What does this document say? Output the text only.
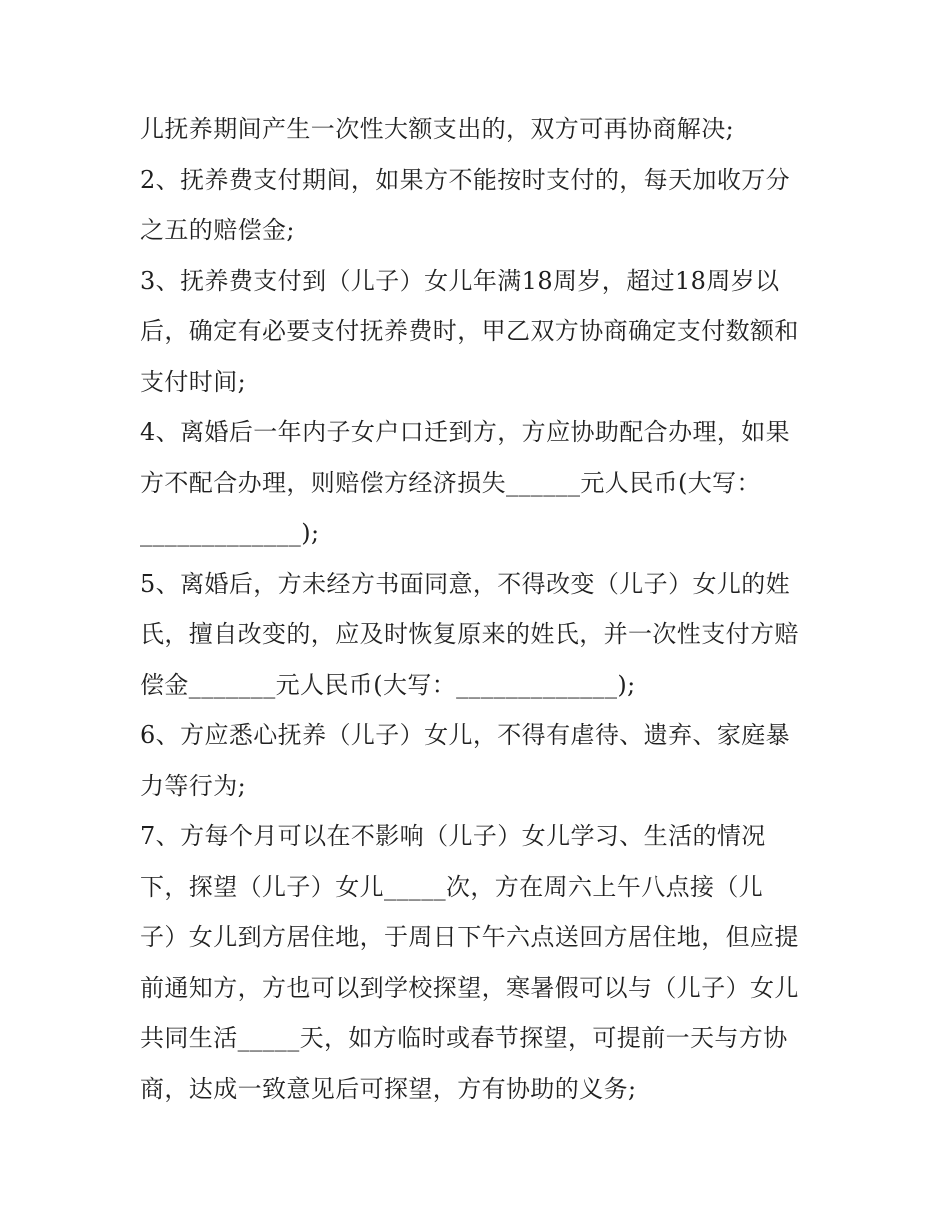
儿抚养期间产生一次性大额支出的，双方可再协商解决;
2、抚养费支付期间，如果方不能按时支付的，每天加收万分
之五的赔偿金;
3、抚养费支付到（儿子）女儿年满18周岁，超过18周岁以
后，确定有必要支付抚养费时，甲乙双方协商确定支付数额和
支付时间;
4、离婚后一年内子女户口迁到方，方应协助配合办理，如果
方不配合办理，则赔偿方经济损失______元人民币(大写：
_____________);
5、离婚后，方未经方书面同意，不得改变（儿子）女儿的姓
氏，擅自改变的，应及时恢复原来的姓氏，并一次性支付方赔
偿金_______元人民币(大写：_____________);
6、方应悉心抚养（儿子）女儿，不得有虐待、遗弃、家庭暴
力等行为;
7、方每个月可以在不影响（儿子）女儿学习、生活的情况
下，探望（儿子）女儿_____次，方在周六上午八点接（儿
子）女儿到方居住地，于周日下午六点送回方居住地，但应提
前通知方，方也可以到学校探望，寒暑假可以与（儿子）女儿
共同生活_____天，如方临时或春节探望，可提前一天与方协
商，达成一致意见后可探望，方有协助的义务;
